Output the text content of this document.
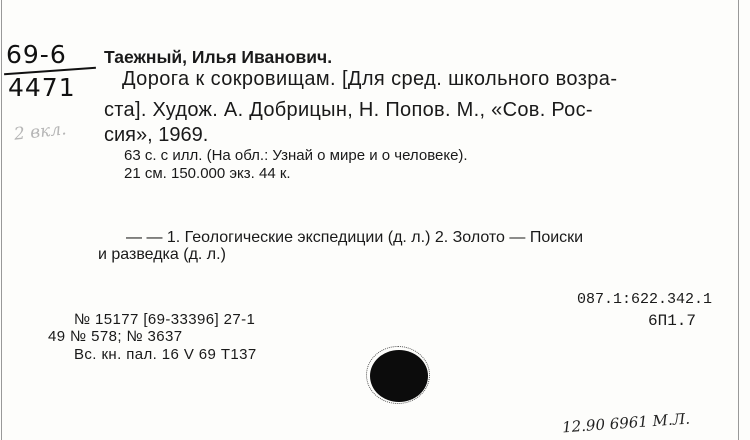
69-6
4471
2 вкл.
Таежный, Илья Иванович.
Дорога к сокровищам. [Для сред. школьного возра-
ста]. Худож. А. Добрицын, Н. Попов. М., «Сов. Рос-
сия», 1969.
63 с. с илл. (На обл.: Узнай о мире и о человеке).
21 см. 150.000 экз. 44 к.
— — 1. Геологические экспедиции (д. л.) 2. Золото — Поиски
и разведка (д. л.)
087.1:622.342.1
6П1.7
№ 15177 [69-33396] 27-1
49 № 578; № 3637
Вс. кн. пал. 16 V 69 Т137
12.90 6961 М.Л.
